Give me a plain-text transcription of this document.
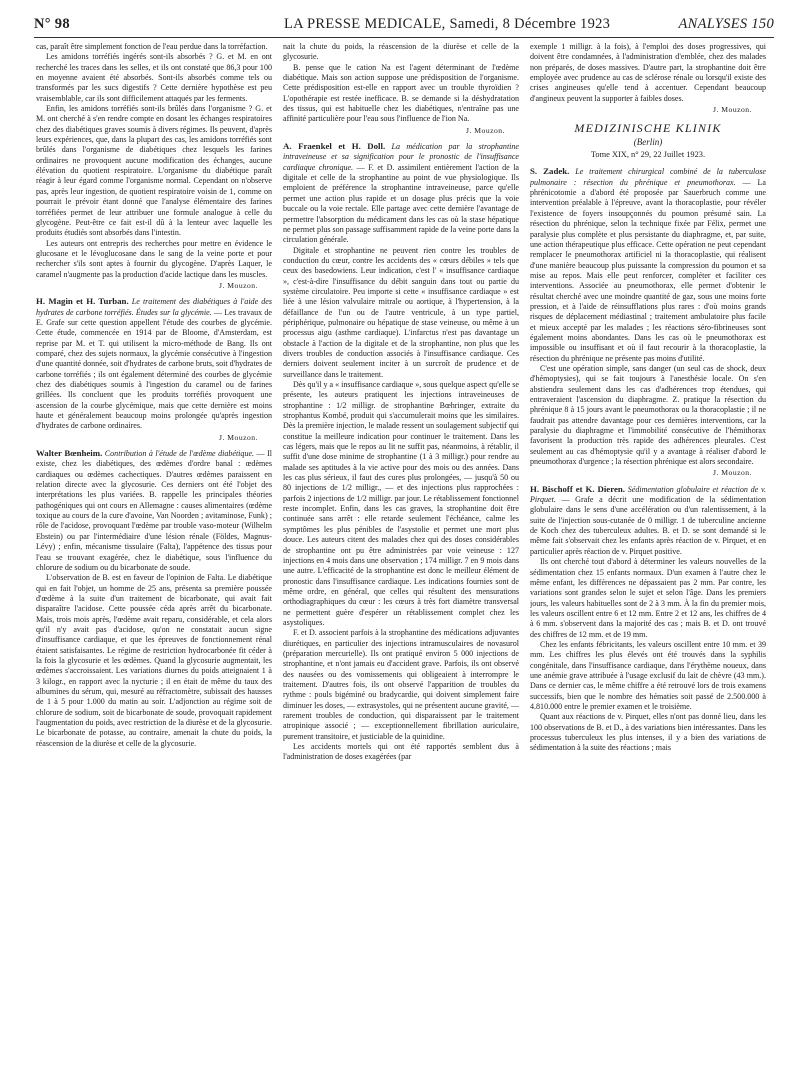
N° 98	LA PRESSE MEDICALE, Samedi, 8 Décembre 1923	ANALYSES 150

cas, paraît être simplement fonction de l'eau perdue dans la torréfaction.

Les amidons torréfiés ingérés sont-ils absorbés ? G. et M. en ont recherché les traces dans les selles, et ils ont constaté que 86,3 pour 100 en moyenne avaient été absorbés. Sont-ils absorbés comme tels ou transformés par les sucs digestifs ? Cette dernière hypothèse est peu vraisemblable, car ils sont difficilement attaqués par les ferments.

Enfin, les amidons torréfiés sont-ils brûlés dans l'organisme ? G. et M. ont cherché à s'en rendre compte en dosant les échanges respiratoires chez des diabétiques graves soumis à divers régimes. Ils peuvent, d'après leurs expériences, que, dans la plupart des cas, les amidons torréfiés sont brûlés dans l'organisme de diabétiques chez lesquels les farines ordinaires ne provoquent aucune modification des échanges, aucune élévation du quotient respiratoire. L'organisme du diabétique paraît réagir à leur égard comme l'organisme normal. Cependant on n'observe pas, après leur ingestion, de quotient respiratoire voisin de 1, comme on pourrait le prévoir étant donné que l'analyse élémentaire des farines torréfiées permet de leur attribuer une formule analogue à celle du glycogène. Peut-être ce fait est-il dû à la lenteur avec laquelle les produits étudiés sont absorbés dans l'intestin.

Les auteurs ont entrepris des recherches pour mettre en évidence le glucosane et le lévoglucosane dans le sang de la veine porte et pour rechercher s'ils sont aptes à fournir du glycogène. D'après Laquer, le caramel n'augmente pas la production d'acide lactique dans les muscles.

J. Mouzon.

H. Magin et H. Turban. Le traitement des diabétiques à l'aide des hydrates de carbone torréfiés. Études sur la glycémie. — Les travaux de E. Grafe sur cette question appellent l'étude des courbes de glycémie. Cette étude, commencée en 1914 par de Bloome, d'Amsterdam, est reprise par M. et T. qui utilisent la micro-méthode de Bang. Ils ont comparé, chez des sujets normaux, la glycémie consécutive à l'ingestion d'une quantité donnée, soit d'hydrates de carbone bruts, soit d'hydrates de carbone torréfiés ; ils ont également déterminé des courbes de glycémie chez des diabétiques soumis à l'ingestion du caramel ou de farines grillées. Ils concluent que les produits torréfiés provoquent une ascension de la courbe glycémique, mais que cette dernière est moins haute et généralement beaucoup moins prolongée qu'après ingestion d'hydrates de carbone ordinaires.

J. Mouzon.

Walter Bœnheim. Contribution à l'étude de l'œdème diabétique. — Il existe, chez les diabétiques, des œdèmes d'ordre banal : œdèmes cardiaques ou œdèmes cachectiques. D'autres œdèmes paraissent en relation directe avec la glycosurie. Ces derniers ont été l'objet des interprétations les plus variées. B. rappelle les principales théories pathogéniques qui ont cours en Allemagne : causes alimentaires (œdème toxique au cours de la cure d'avoine, Van Noorden ; avitaminose, Funk) ; rôle de l'acidose, provoquant l'œdème par trouble vaso-moteur (Wilhelm Ebstein) ou par l'intermédiaire d'une lésion rénale (Földes, Magnus-Lévy) ; enfin, mécanisme tissulaire (Falta), l'appétence des tissus pour l'eau se trouvant exagérée, chez le diabétique, sous l'influence du chlorure de sodium ou du bicarbonate de soude.

L'observation de B. est en faveur de l'opinion de Falta. Le diabétique qui en fait l'objet, un homme de 25 ans, présenta sa première poussée d'œdème à la suite d'un traitement de bicarbonate, qui avait fait disparaître l'acidose. Cette poussée céda après arrêt du bicarbonate. Mais, trois mois après, l'œdème avait reparu, considérable, et cela alors qu'il n'y avait pas d'acidose, qu'on ne constatait aucun signe d'insuffisance cardiaque, et que les épreuves de fonctionnement rénal étaient satisfaisantes. Le régime de restriction hydrocarbonée fit céder à la fois la glycosurie et les œdèmes. Quand la glycosurie augmentait, les œdèmes s'accroissaient. Les variations diurnes du poids atteignaient 1 à 3 kilogr., en rapport avec la nycturie ; il en était de même du taux des albumines du sérum, qui, mesuré au réfractomètre, subissait des hausses de 1 à 5 pour 1.000 du matin au soir. L'adjonction au régime soit de chlorure de sodium, soit de bicarbonate de soude, provoquait rapidement l'augmentation du poids, avec restriction de la diurèse et de la glycosurie. Le bicarbonate de potasse, au contraire, amenait la chute du poids, la réascension de la diurèse et celle de la glycosurie.

nait la chute du poids, la réascension de la diurèse et celle de la glycosurie.

B. pense que le cation Na est l'agent déterminant de l'œdème diabétique. Mais son action suppose une prédisposition de l'organisme. Cette prédisposition est-elle en rapport avec un trouble thyroïdien ? L'opothérapie est restée inefficace. B. se demande si la déshydratation des tissus, qui est habituelle chez les diabétiques, n'entraîne pas une affinité particulière pour l'eau sous l'influence de l'ion Na.

J. Mouzon.

A. Fraenkel et H. Doll. La médication par la strophantine intraveineuse et sa signification pour le pronostic de l'insuffisance cardiaque chronique. — F. et D. assimilent entièrement l'action de la digitale et celle de la strophantine au point de vue physiologique. Ils emploient de préférence la strophantine intraveineuse, parce qu'elle permet une action plus rapide et un dosage plus précis que la voie buccale ou la voie rectale. Elle partage avec cette dernière l'avantage de permettre l'absorption du médicament dans les cas où la stase hépatique ne permet plus son passage suffisamment rapide de la veine porte dans la circulation générale.

Digitale et strophantine ne peuvent rien contre les troubles de conduction du cœur, contre les accidents des « cœurs débiles » tels que ceux des basedowiens. Leur indication, c'est l' « insuffisance cardiaque », c'est-à-dire l'insuffisance du débit sanguin dans tout ou partie du système circulatoire. Peu importe si cette « insuffisance cardiaque » est liée à une lésion valvulaire mitrale ou aortique, à l'hypertension, à la défaillance de l'un ou de l'autre ventricule, à un type partiel, périphérique, pulmonaire ou hépatique de stase veineuse, ou même à un processus aigu (asthme cardiaque). L'infarctus n'est pas davantage un obstacle à l'action de la digitale et de la strophantine, non plus que les divers troubles de conduction associés à l'insuffisance cardiaque. Ces derniers doivent seulement inciter à un surcroît de prudence et de surveillance dans le traitement.

Dès qu'il y a « insuffisance cardiaque », sous quelque aspect qu'elle se présente, les auteurs pratiquent les injections intraveineuses de strophantine : 1/2 milligr. de strophantine Bœhringer, extraite du strophantus Kombé, produit qui s'accumulerait moins que les similaires. Dès la première injection, le malade ressent un soulagement subjectif qui constitue la meilleure indication pour continuer le traitement. Dans les cas légers, mais que le repos au lit ne suffit pas, néanmoins, à rétablir, il suffit d'une dose minime de strophantine (1 à 3 milligr.) pour rendre au malade ses aptitudes à la vie active pour des mois ou des années. Dans les cas plus sérieux, il faut des cures plus prolongées, — jusqu'à 50 ou 80 injections de 1/2 milligr., — et des injections plus rapprochées : parfois 2 injections de 1/2 milligr. par jour. Le rétablissement fonctionnel reste incomplet. Enfin, dans les cas graves, la strophantine doit être continuée sans arrêt : elle retarde seulement l'échéance, calme les symptômes les plus pénibles de l'asystolie et permet une mort plus douce. Les auteurs citent des malades chez qui des doses considérables de strophantine ont pu être administrées par voie veineuse : 127 injections en 4 mois dans une observation ; 174 milligr. 7 en 9 mois dans une autre. L'efficacité de la strophantine est donc le meilleur élément de pronostic dans l'insuffisance cardiaque. Les indications fournies sont de même ordre, en général, que celles qui résultent des mensurations orthodiagraphiques du cœur : les cœurs à très fort diamètre transversal ne permettent guère d'espérer un rétablissement complet chez les asystoliques.

F. et D. associent parfois à la strophantine des médications adjuvantes diurétiques, en particulier des injections intramusculaires de novasurol (préparation mercurielle). Ils ont pratiqué environ 5 000 injections de strophantine, et n'ont jamais eu d'accident grave. Parfois, ils ont observé des nausées ou des vomissements qui obligeaient à interrompre le traitement. D'autres fois, ils ont observé l'apparition de troubles du rythme : pouls bigéminé ou bradycardie, qui doivent simplement faire diminuer les doses, — extrasystoles, qui ne présentent aucune gravité, — rarement troubles de conduction, qui disparaissent par le traitement atropinique associé ; — exceptionnellement fibrillation auriculaire, purement transitoire, et justiciable de la quinidine.

Les accidents mortels qui ont été rapportés semblent dus à l'administration de doses exagérées (par

exemple 1 milligr. à la fois), à l'emploi des doses progressives, qui doivent être condamnées, à l'administration d'emblée, chez des malades non préparés, de doses massives. D'autre part, la strophantine doit être employée avec prudence au cas de sclérose rénale ou lorsqu'il existe des crises angineuses qu'elle tend à accentuer. Cependant beaucoup d'angineux peuvent la supporter à faibles doses.

J. Mouzon.
MEDIZINISCHE KLINIK
(Berlin)
Tome XIX, n° 29, 22 Juillet 1923.

S. Zadek. Le traitement chirurgical combiné de la tuberculose pulmonaire : résection du phrénique et pneumothorax. — La phrénicotomie a d'abord été proposée par Sauerbruch comme une intervention préalable à l'épreuve, avant la thoracoplastie, pour révéler l'existence de foyers insoupçonnés du poumon présumé sain. La résection du phrénique, selon la technique fixée par Félix, permet une paralysie plus complète et plus persistante du diaphragme, et, par suite, une action thérapeutique plus efficace. Cette opération ne peut cependant remplacer le pneumothorax artificiel ni la thoracoplastie, qui réalisent d'une manière beaucoup plus puissante la compression du poumon et sa mise au repos. Mais elle peut renforcer, compléter et faciliter ces interventions. Associée au pneumothorax, elle permet d'obtenir le résultat cherché avec une moindre quantité de gaz, sous une moins forte pression, et à l'aide de réinsufflations plus rares : d'où moins grands risques de déplacement médiastinal ; traitement ambulatoire plus facile et mieux accepté par les malades ; les réactions séro-fibrineuses sont également moins abondantes. Dans les cas où le pneumothorax est impossible ou insuffisant et où il faut recourir à la thoracoplastie, la résection du phrénique ne présente pas moins d'utilité.

C'est une opération simple, sans danger (un seul cas de shock, deux d'hémoptysies), qui se fait toujours à l'anesthésie locale. On s'en abstiendra seulement dans les cas d'adhérences trop étendues, qui entraveraient l'ascension du diaphragme. Z. pratique la résection du phrénique 8 à 15 jours avant le pneumothorax ou la thoracoplastie ; il ne faudrait pas attendre davantage pour ces dernières interventions, car la paralysie du diaphragme et l'immobilité consécutive de l'hémithorax favorisent la production très rapide des adhérences pleurales. C'est seulement au cas d'hémoptysie qu'il y a avantage à réaliser d'abord le pneumothorax d'urgence ; la résection phrénique est alors secondaire.

J. Mouzon.

H. Bischoff et K. Dieren. Sédimentation globulaire et réaction de v. Pirquet. — Grafe a décrit une modification de la sédimentation globulaire dans le sens d'une accélération ou d'un ralentissement, à la suite de l'injection sous-cutanée de 0 milligr. 1 de tuberculine ancienne de Koch chez des tuberculeux adultes. B. et D. se sont demandé si le même fait s'observait chez les enfants après réaction de v. Pirquet, et en particulier après réaction de v. Pirquet positive.

Ils ont cherché tout d'abord à déterminer les valeurs nouvelles de la sédimentation chez 15 enfants normaux. D'un examen à l'autre chez le même enfant, les différences ne dépassaient pas 2 mm. Par contre, les variations sont grandes selon le sujet et selon l'âge. Dans les premiers jours, les valeurs habituelles sont de 2 à 3 mm. À la fin du premier mois, les valeurs oscillent entre 6 et 12 mm. Entre 2 et 12 ans, les chiffres de 4 à 6 mm. s'observent dans la majorité des cas ; mais B. et D. ont trouvé des chiffres de 12 mm. et de 19 mm.

Chez les enfants fébricitants, les valeurs oscillent entre 10 mm. et 39 mm. Les chiffres les plus élevés ont été trouvés dans la syphilis congénitale, dans l'insuffisance cardiaque, dans l'érythème noueux, dans une anémie grave attribuée à l'usage exclusif du lait de chèvre (43 mm.). Dans ce dernier cas, le même chiffre a été retrouvé lors de trois examens successifs, bien que le nombre des hématies soit passé de 2.500.000 à 4.810.000 entre le premier examen et le troisième.

Quant aux réactions de v. Pirquet, elles n'ont pas donné lieu, dans les 100 observations de B. et D., à des variations bien intéressantes. Dans les processus tuberculeux les plus intenses, il y a bien des variations de sédimentation à la suite des réactions ; mais
